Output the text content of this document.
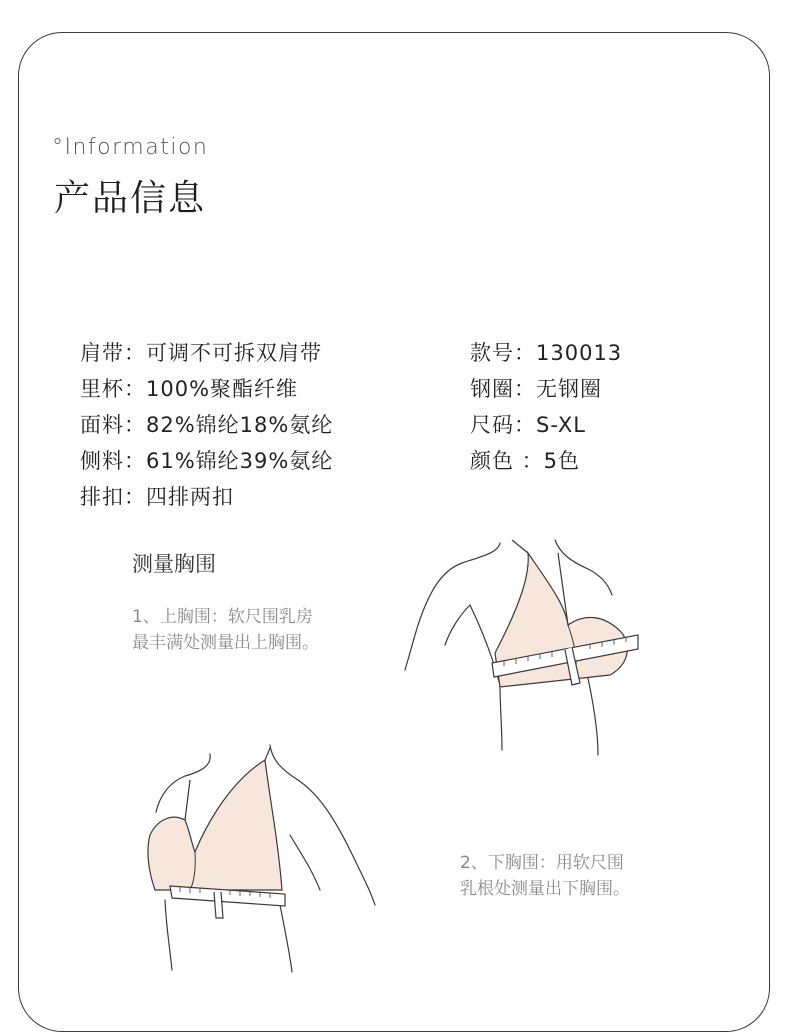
°Information
产品信息
肩带：可调不可拆双肩带
里杯：100%聚酯纤维
面料：82%锦纶18%氨纶
侧料：61%锦纶39%氨纶
排扣：四排两扣
款号：130013
钢圈：无钢圈
尺码：S-XL
颜色 ：5色
测量胸围
1、上胸围：软尺围乳房
最丰满处测量出上胸围。
2、下胸围：用软尺围
乳根处测量出下胸围。
